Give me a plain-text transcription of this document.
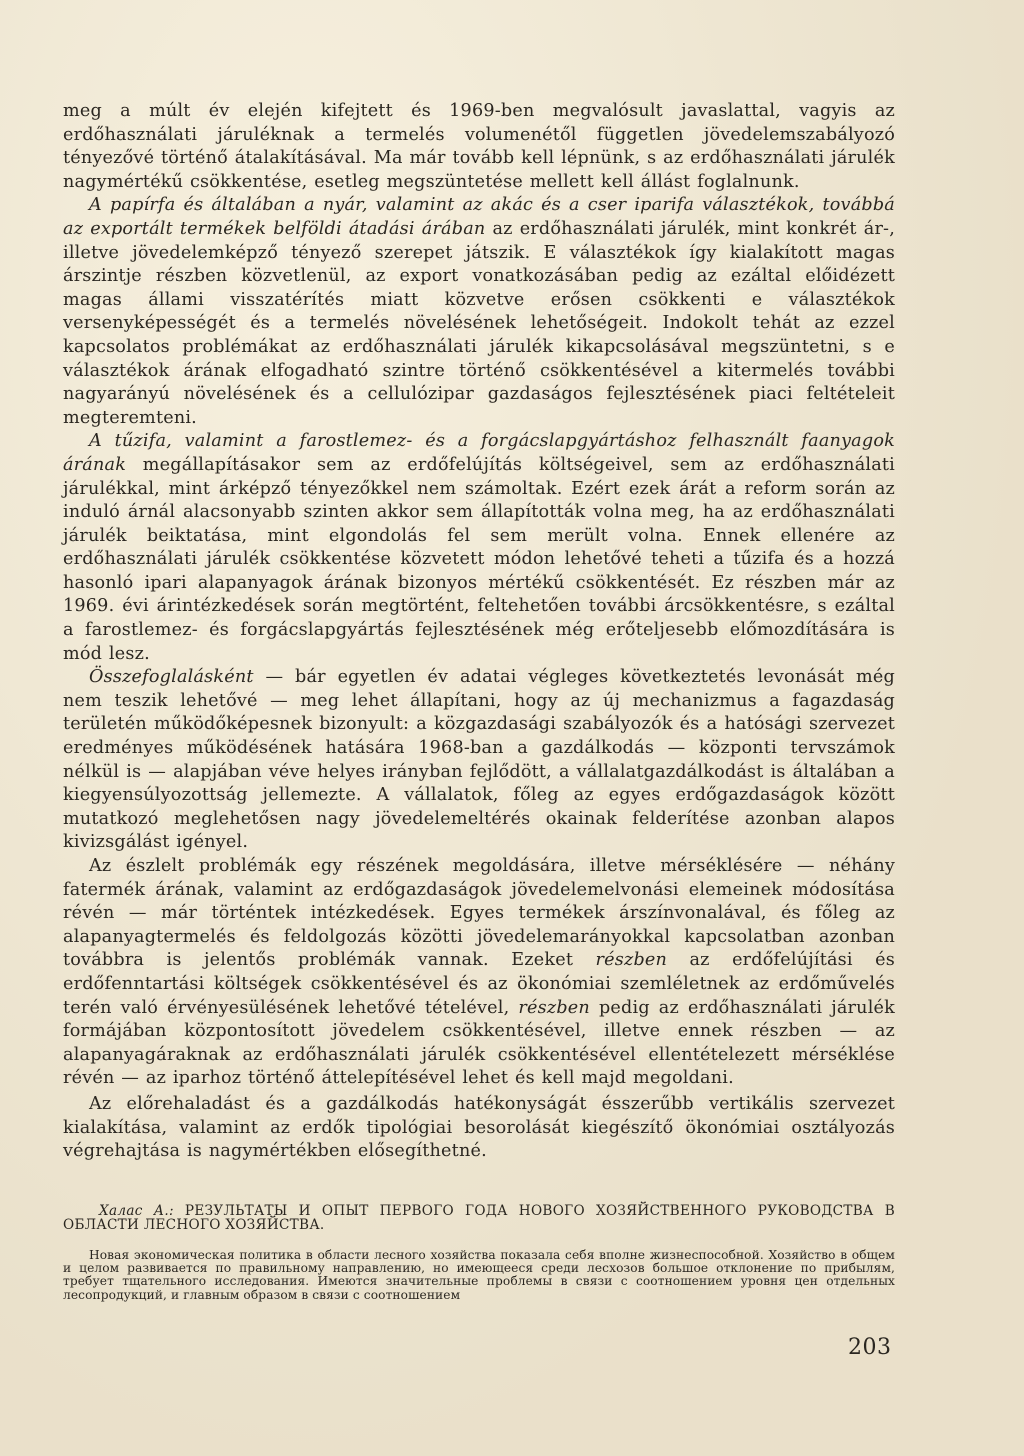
meg a múlt év elején kifejtett és 1969-ben megvalósult javaslattal, vagyis az erdőhasználati járuléknak a termelés volumenétől független jövedelemszabályozó tényezővé történő átalakításával. Ma már tovább kell lépnünk, s az erdőhasználati járulék nagymértékű csökkentése, esetleg megszüntetése mellett kell állást foglalnunk.

A papírfa és általában a nyár, valamint az akác és a cser iparifa választékok, továbbá az exportált termékek belföldi átadási árában az erdőhasználati járulék, mint konkrét ár-, illetve jövedelemképző tényező szerepet játszik. E választékok így kialakított magas árszintje részben közvetlenül, az export vonatkozásában pedig az ezáltal előidézett magas állami visszatérítés miatt közvetve erősen csökkenti e választékok versenyképességét és a termelés növelésének lehetőségeit. Indokolt tehát az ezzel kapcsolatos problémákat az erdőhasználati járulék kikapcsolásával megszüntetni, s e választékok árának elfogadható szintre történő csökkentésével a kitermelés további nagyarányú növelésének és a cellulózipar gazdaságos fejlesztésének piaci feltételeit megteremteni.

A tűzifa, valamint a farostlemez- és a forgácslapgyártáshoz felhasznált faanyagok árának megállapításakor sem az erdőfelújítás költségeivel, sem az erdőhasználati járulékkal, mint árképző tényezőkkel nem számoltak. Ezért ezek árát a reform során az induló árnál alacsonyabb szinten akkor sem állapították volna meg, ha az erdőhasználati járulék beiktatása, mint elgondolás fel sem merült volna. Ennek ellenére az erdőhasználati járulék csökkentése közvetett módon lehetővé teheti a tűzifa és a hozzá hasonló ipari alapanyagok árának bizonyos mértékű csökkentését. Ez részben már az 1969. évi árintézkedések során megtörtént, feltehetően további árcsökkentésre, s ezáltal a farostlemez- és forgácslapgyártás fejlesztésének még erőteljesebb előmozdítására is mód lesz.

Összefoglalásként — bár egyetlen év adatai végleges következtetés levonását még nem teszik lehetővé — meg lehet állapítani, hogy az új mechanizmus a fagazdaság területén működőképesnek bizonyult: a közgazdasági szabályozók és a hatósági szervezet eredményes működésének hatására 1968-ban a gazdálkodás — központi tervszámok nélkül is — alapjában véve helyes irányban fejlődött, a vállalatgazdálkodást is általában a kiegyensúlyozottság jellemezte. A vállalatok, főleg az egyes erdőgazdaságok között mutatkozó meglehetősen nagy jövedelemeltérés okainak felderítése azonban alapos kivizsgálást igényel.

Az észlelt problémák egy részének megoldására, illetve mérséklésére — néhány fatermék árának, valamint az erdőgazdaságok jövedelemelvonási elemeinek módosítása révén — már történtek intézkedések. Egyes termékek árszínvonalával, és főleg az alapanyagtermelés és feldolgozás közötti jövedelemarányokkal kapcsolatban azonban továbbra is jelentős problémák vannak. Ezeket részben az erdőfelújítási és erdőfenntartási költségek csökkentésével és az ökonómiai szemléletnek az erdőművelés terén való érvényesülésének lehetővé tételével, részben pedig az erdőhasználati járulék formájában központosított jövedelem csökkentésével, illetve ennek részben — az alapanyagáraknak az erdőhasználati járulék csökkentésével ellentételezett mérséklése révén — az iparhoz történő áttelepítésével lehet és kell majd megoldani.

Az előrehaladást és a gazdálkodás hatékonyságát ésszerűbb vertikális szervezet kialakítása, valamint az erdők tipológiai besorolását kiegészítő ökonómiai osztályozás végrehajtása is nagymértékben elősegíthetné.

Халас А.: РЕЗУЛЬТАТЫ И ОПЫТ ПЕРВОГО ГОДА НОВОГО ХОЗЯЙСТВЕННОГО РУКОВОДСТВА В ОБЛАСТИ ЛЕСНОГО ХОЗЯЙСТВА.
Новая экономическая политика в области лесного хозяйства показала себя вполне жизнеспособной. Хозяйство в общем и целом развивается по правильному направлению, но имеющееся среди лесхозов большое отклонение по прибылям, требует тщательного исследования. Имеются значительные проблемы в связи с соотношением уровня цен отдельных лесопродукций, и главным образом в связи с соотношением
203
